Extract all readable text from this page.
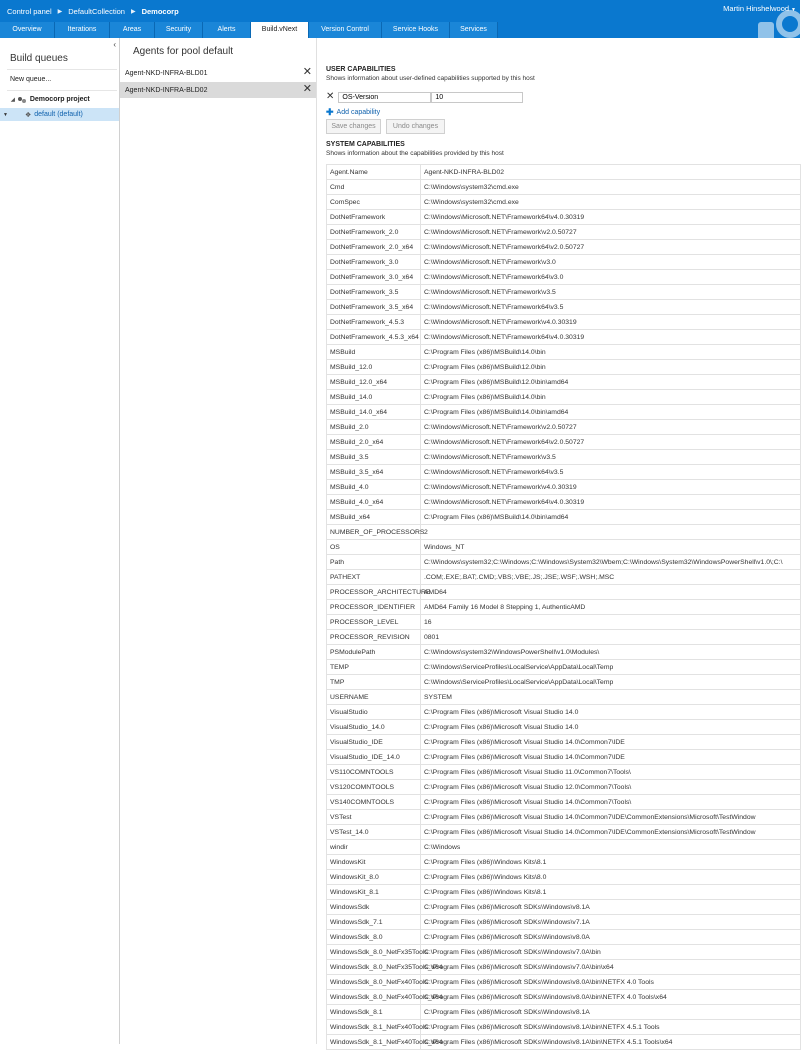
Control panel ▶ DefaultCollection ▶ Democorp	Martin Hinshelwood ▼
Overview	Iterations	Areas	Security	Alerts	Build.vNext	Version Control	Service Hooks	Services
‹
Build queues
New queue...
◢ Democorp project
▼ ❖ default (default)
Agents for pool default
Agent-NKD-INFRA-BLD01	✕
Agent-NKD-INFRA-BLD02	✕
USER CAPABILITIES
Shows information about user-defined capabilities supported by this host
✕
OS-Version
10
✚ Add capability
Save changes	Undo changes
SYSTEM CAPABILITIES
Shows information about the capabilities provided by this host
Agent.Name	Agent-NKD-INFRA-BLD02
Cmd	C:\Windows\system32\cmd.exe
ComSpec	C:\Windows\system32\cmd.exe
DotNetFramework	C:\Windows\Microsoft.NET\Framework64\v4.0.30319
DotNetFramework_2.0	C:\Windows\Microsoft.NET\Framework\v2.0.50727
DotNetFramework_2.0_x64	C:\Windows\Microsoft.NET\Framework64\v2.0.50727
DotNetFramework_3.0	C:\Windows\Microsoft.NET\Framework\v3.0
DotNetFramework_3.0_x64	C:\Windows\Microsoft.NET\Framework64\v3.0
DotNetFramework_3.5	C:\Windows\Microsoft.NET\Framework\v3.5
DotNetFramework_3.5_x64	C:\Windows\Microsoft.NET\Framework64\v3.5
DotNetFramework_4.5.3	C:\Windows\Microsoft.NET\Framework\v4.0.30319
DotNetFramework_4.5.3_x64	C:\Windows\Microsoft.NET\Framework64\v4.0.30319
MSBuild	C:\Program Files (x86)\MSBuild\14.0\bin
MSBuild_12.0	C:\Program Files (x86)\MSBuild\12.0\bin
MSBuild_12.0_x64	C:\Program Files (x86)\MSBuild\12.0\bin\amd64
MSBuild_14.0	C:\Program Files (x86)\MSBuild\14.0\bin
MSBuild_14.0_x64	C:\Program Files (x86)\MSBuild\14.0\bin\amd64
MSBuild_2.0	C:\Windows\Microsoft.NET\Framework\v2.0.50727
MSBuild_2.0_x64	C:\Windows\Microsoft.NET\Framework64\v2.0.50727
MSBuild_3.5	C:\Windows\Microsoft.NET\Framework\v3.5
MSBuild_3.5_x64	C:\Windows\Microsoft.NET\Framework64\v3.5
MSBuild_4.0	C:\Windows\Microsoft.NET\Framework\v4.0.30319
MSBuild_4.0_x64	C:\Windows\Microsoft.NET\Framework64\v4.0.30319
MSBuild_x64	C:\Program Files (x86)\MSBuild\14.0\bin\amd64
NUMBER_OF_PROCESSORS	2
OS	Windows_NT
Path	C:\Windows\system32;C:\Windows;C:\Windows\System32\Wbem;C:\Windows\System32\WindowsPowerShell\v1.0\;C:\
PATHEXT	.COM;.EXE;.BAT;.CMD;.VBS;.VBE;.JS;.JSE;.WSF;.WSH;.MSC
PROCESSOR_ARCHITECTURE	AMD64
PROCESSOR_IDENTIFIER	AMD64 Family 16 Model 8 Stepping 1, AuthenticAMD
PROCESSOR_LEVEL	16
PROCESSOR_REVISION	0801
PSModulePath	C:\Windows\system32\WindowsPowerShell\v1.0\Modules\
TEMP	C:\Windows\ServiceProfiles\LocalService\AppData\Local\Temp
TMP	C:\Windows\ServiceProfiles\LocalService\AppData\Local\Temp
USERNAME	SYSTEM
VisualStudio	C:\Program Files (x86)\Microsoft Visual Studio 14.0
VisualStudio_14.0	C:\Program Files (x86)\Microsoft Visual Studio 14.0
VisualStudio_IDE	C:\Program Files (x86)\Microsoft Visual Studio 14.0\Common7\IDE
VisualStudio_IDE_14.0	C:\Program Files (x86)\Microsoft Visual Studio 14.0\Common7\IDE
VS110COMNTOOLS	C:\Program Files (x86)\Microsoft Visual Studio 11.0\Common7\Tools\
VS120COMNTOOLS	C:\Program Files (x86)\Microsoft Visual Studio 12.0\Common7\Tools\
VS140COMNTOOLS	C:\Program Files (x86)\Microsoft Visual Studio 14.0\Common7\Tools\
VSTest	C:\Program Files (x86)\Microsoft Visual Studio 14.0\Common7\IDE\CommonExtensions\Microsoft\TestWindow
VSTest_14.0	C:\Program Files (x86)\Microsoft Visual Studio 14.0\Common7\IDE\CommonExtensions\Microsoft\TestWindow
windir	C:\Windows
WindowsKit	C:\Program Files (x86)\Windows Kits\8.1
WindowsKit_8.0	C:\Program Files (x86)\Windows Kits\8.0
WindowsKit_8.1	C:\Program Files (x86)\Windows Kits\8.1
WindowsSdk	C:\Program Files (x86)\Microsoft SDKs\Windows\v8.1A
WindowsSdk_7.1	C:\Program Files (x86)\Microsoft SDKs\Windows\v7.1A
WindowsSdk_8.0	C:\Program Files (x86)\Microsoft SDKs\Windows\v8.0A
WindowsSdk_8.0_NetFx35Tools	C:\Program Files (x86)\Microsoft SDKs\Windows\v7.0A\bin
WindowsSdk_8.0_NetFx35Tools_x64	C:\Program Files (x86)\Microsoft SDKs\Windows\v7.0A\bin\x64
WindowsSdk_8.0_NetFx40Tools	C:\Program Files (x86)\Microsoft SDKs\Windows\v8.0A\bin\NETFX 4.0 Tools
WindowsSdk_8.0_NetFx40Tools_x64	C:\Program Files (x86)\Microsoft SDKs\Windows\v8.0A\bin\NETFX 4.0 Tools\x64
WindowsSdk_8.1	C:\Program Files (x86)\Microsoft SDKs\Windows\v8.1A
WindowsSdk_8.1_NetFx40Tools	C:\Program Files (x86)\Microsoft SDKs\Windows\v8.1A\bin\NETFX 4.5.1 Tools
WindowsSdk_8.1_NetFx40Tools_x64	C:\Program Files (x86)\Microsoft SDKs\Windows\v8.1A\bin\NETFX 4.5.1 Tools\x64
